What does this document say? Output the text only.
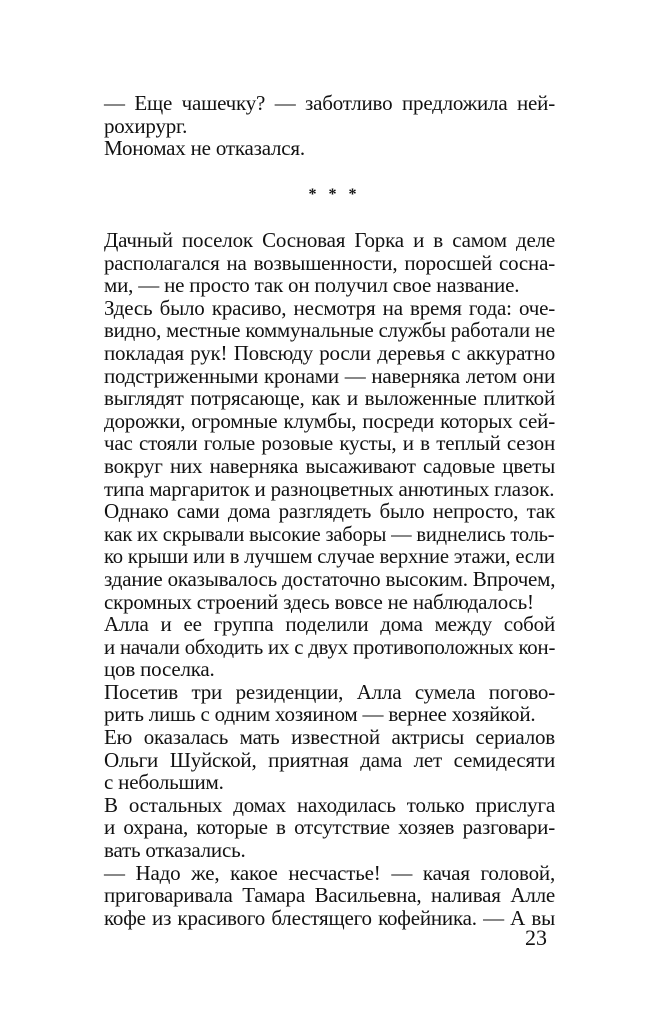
— Еще чашечку? — заботливо предложила ней-
рохирург.
Мономах не отказался.
* * *
Дачный поселок Сосновая Горка и в самом деле
располагался на возвышенности, поросшей сосна-
ми, — не просто так он получил свое название.
Здесь было красиво, несмотря на время года: оче-
видно, местные коммунальные службы работали не
покладая рук! Повсюду росли деревья с аккуратно
подстриженными кронами — наверняка летом они
выглядят потрясающе, как и выложенные плиткой
дорожки, огромные клумбы, посреди которых сей-
час стояли голые розовые кусты, и в теплый сезон
вокруг них наверняка высаживают садовые цветы
типа маргариток и разноцветных анютиных глазок.
Однако сами дома разглядеть было непросто, так
как их скрывали высокие заборы — виднелись толь-
ко крыши или в лучшем случае верхние этажи, если
здание оказывалось достаточно высоким. Впрочем,
скромных строений здесь вовсе не наблюдалось!
Алла и ее группа поделили дома между собой
и начали обходить их с двух противоположных кон-
цов поселка.
Посетив три резиденции, Алла сумела погово-
рить лишь с одним хозяином — вернее хозяйкой.
Ею оказалась мать известной актрисы сериалов
Ольги Шуйской, приятная дама лет семидесяти
с небольшим.
В остальных домах находилась только прислуга
и охрана, которые в отсутствие хозяев разговари-
вать отказались.
— Надо же, какое несчастье! — качая головой,
приговаривала Тамара Васильевна, наливая Алле
кофе из красивого блестящего кофейника. — А вы
23
